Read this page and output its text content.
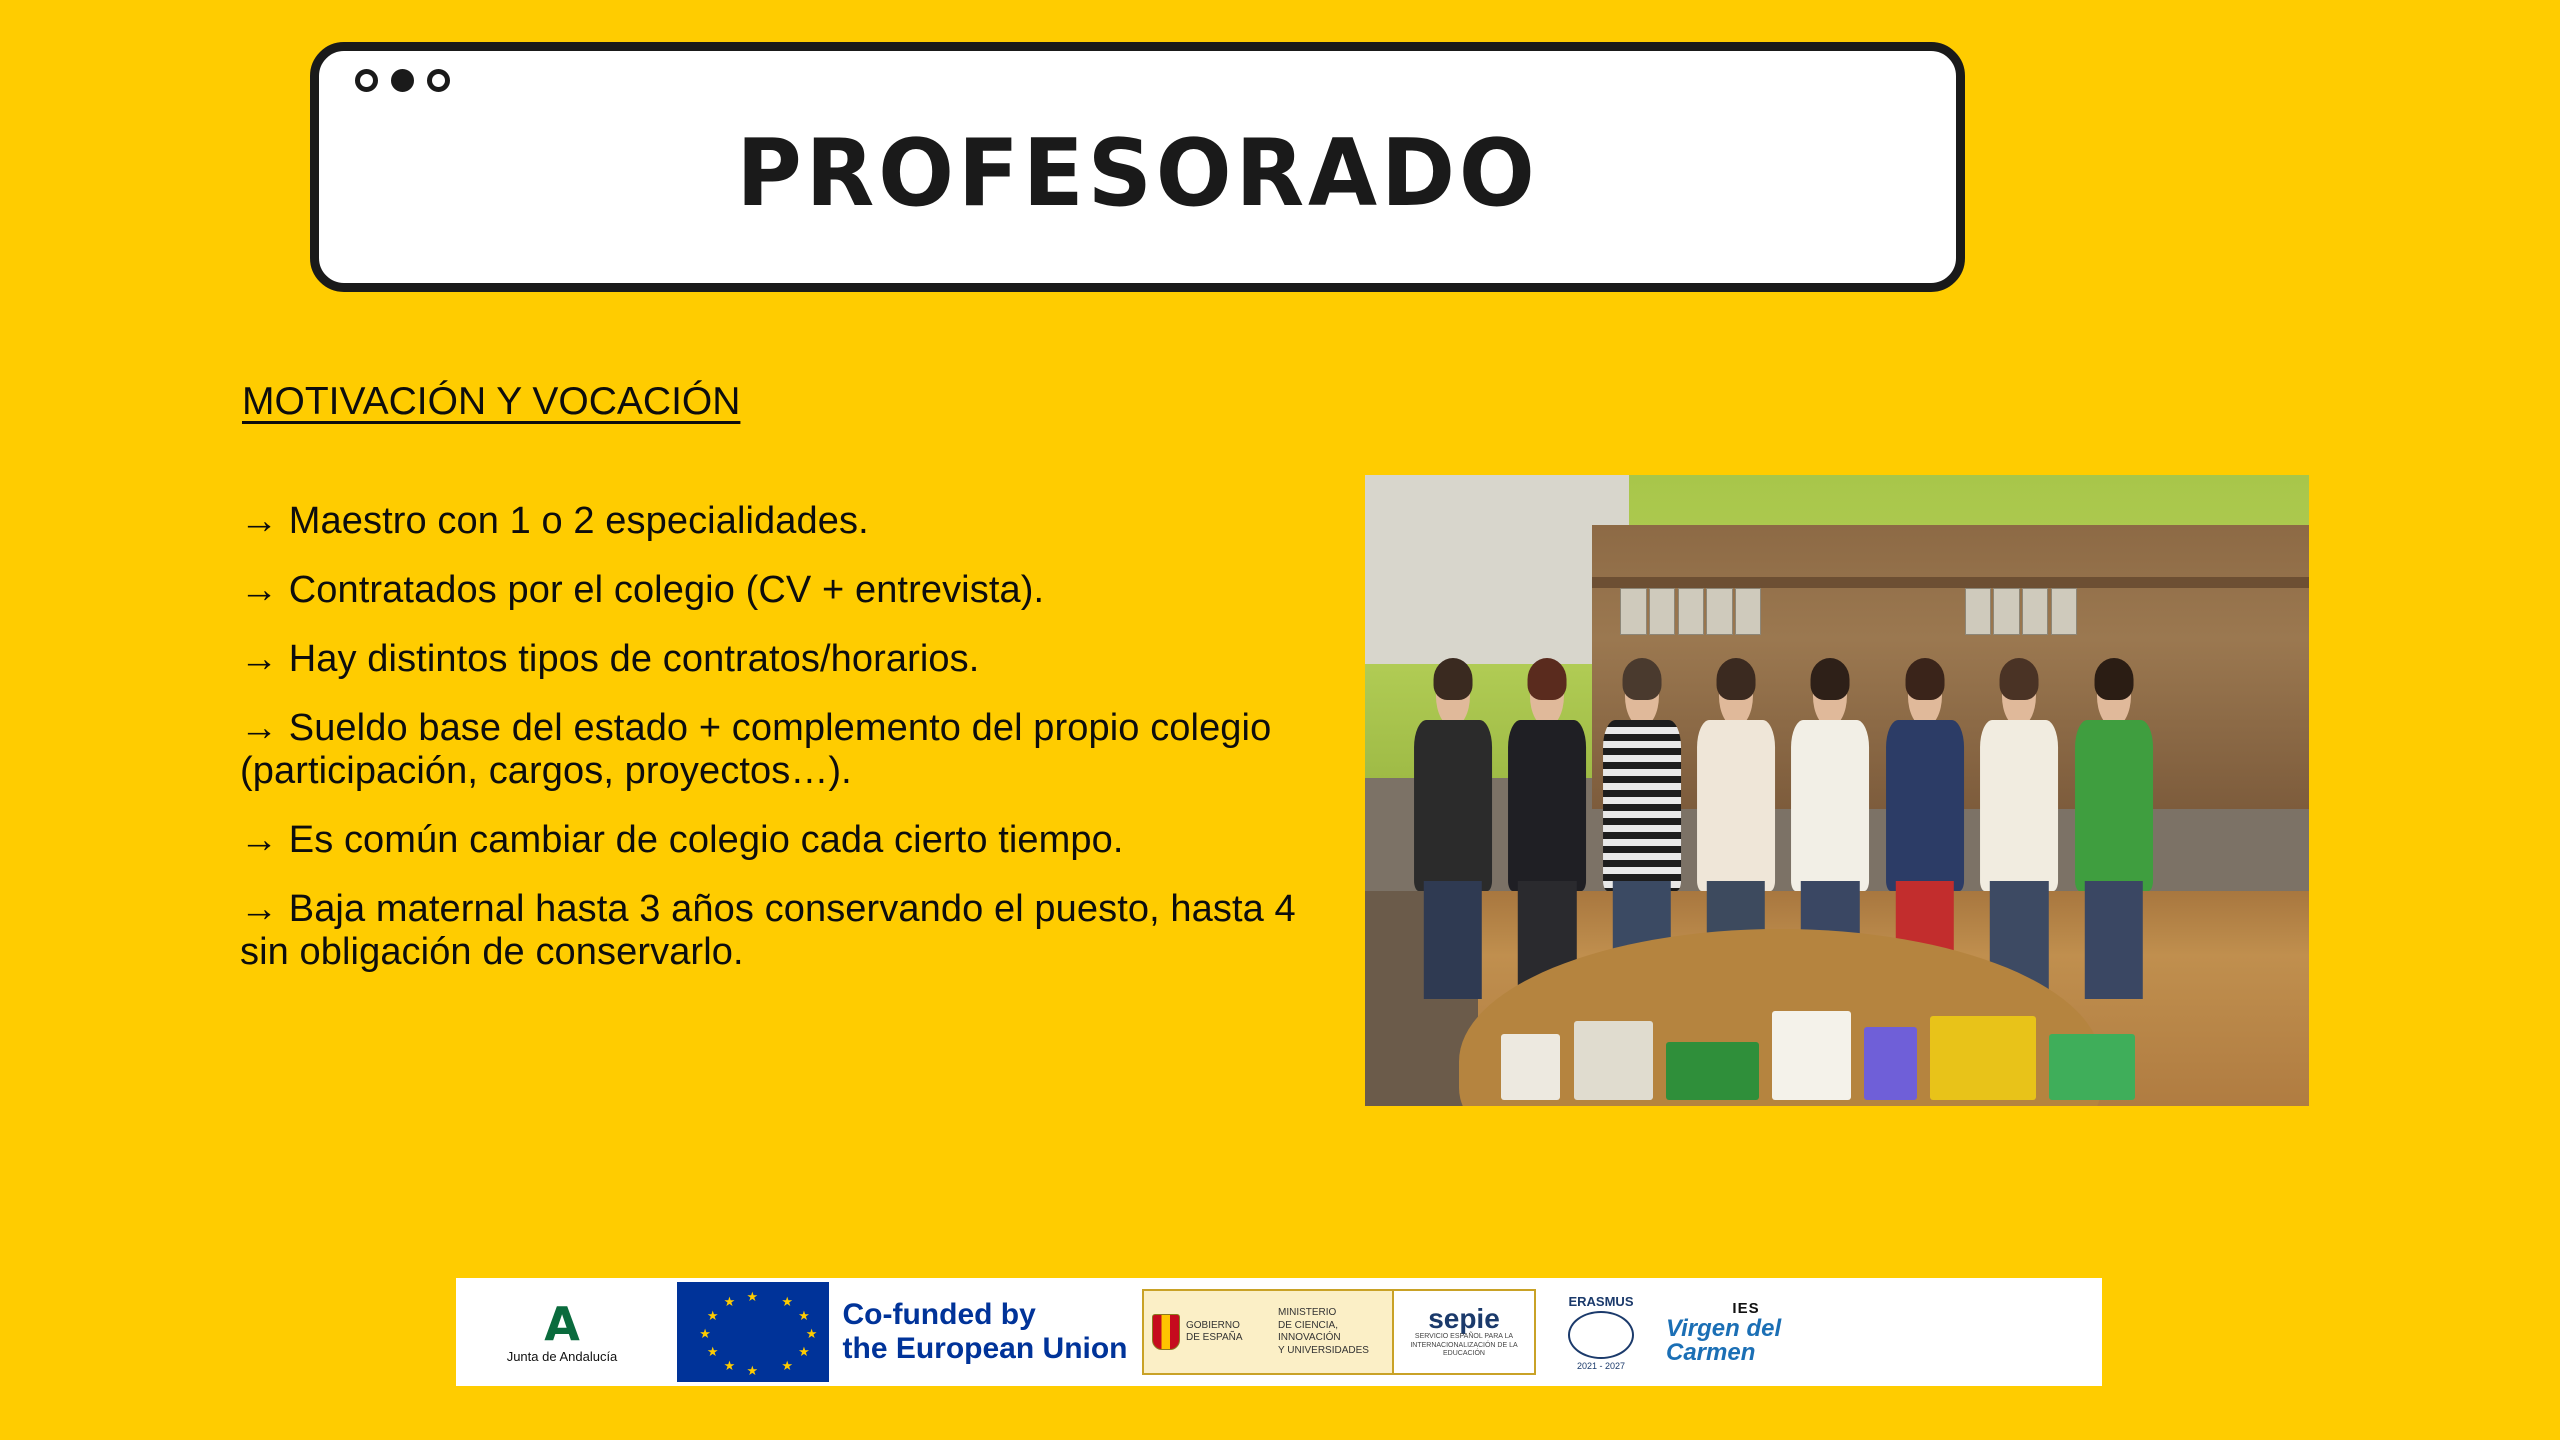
PROFESORADO
MOTIVACIÓN Y VOCACIÓN
→ Maestro con 1 o 2 especialidades.
→ Contratados por el colegio (CV + entrevista).
→ Hay distintos tipos de contratos/horarios.
→ Sueldo base del estado + complemento del propio colegio (participación, cargos, proyectos…).
→ Es común cambiar de colegio cada cierto tiempo.
→ Baja maternal hasta 3 años conservando el puesto, hasta 4 sin obligación de conservarlo.
A
Junta de Andalucía
★ ★
★
★
★
★
★
★
★
★
★
★	Co-funded by
the European Union
GOBIERNO
DE ESPAÑA
MINISTERIO
DE CIENCIA, INNOVACIÓN
Y UNIVERSIDADES
sepie
SERVICIO ESPAÑOL PARA LA INTERNACIONALIZACIÓN DE LA EDUCACIÓN
ERASMUS
2021 - 2027
IES
Virgen del Carmen
